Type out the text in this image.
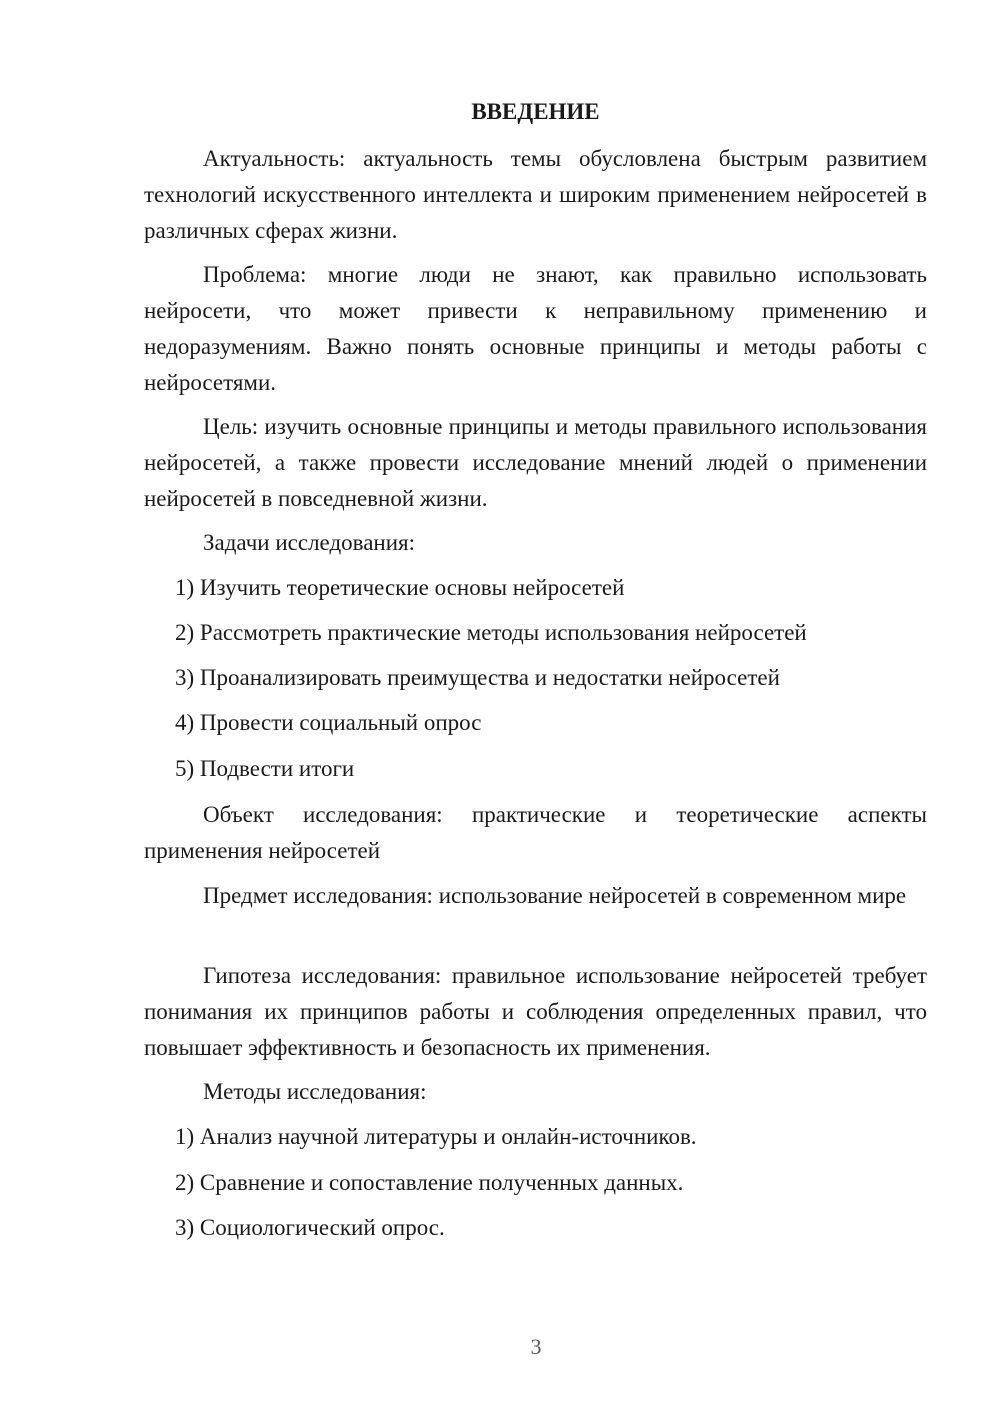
ВВЕДЕНИЕ

Актуальность: актуальность темы обусловлена быстрым развитием технологий искусственного интеллекта и широким применением нейросетей в различных сферах жизни.

Проблема: многие люди не знают, как правильно использовать нейросети, что может привести к неправильному применению и недоразумениям. Важно понять основные принципы и методы работы с нейросетями.

Цель: изучить основные принципы и методы правильного использования нейросетей, а также провести исследование мнений людей о применении нейросетей в повседневной жизни.

Задачи исследования:

1) Изучить теоретические основы нейросетей

2) Рассмотреть практические методы использования нейросетей

3) Проанализировать преимущества и недостатки нейросетей

4) Провести социальный опрос

5) Подвести итоги

Объект исследования: практические и теоретические аспекты применения нейросетей

Предмет исследования: использование нейросетей в современном мире

Гипотеза исследования: правильное использование нейросетей требует понимания их принципов работы и соблюдения определенных правил, что повышает эффективность и безопасность их применения.

Методы исследования:

1) Анализ научной литературы и онлайн-источников.

2) Сравнение и сопоставление полученных данных.

3) Социологический опрос.

3
